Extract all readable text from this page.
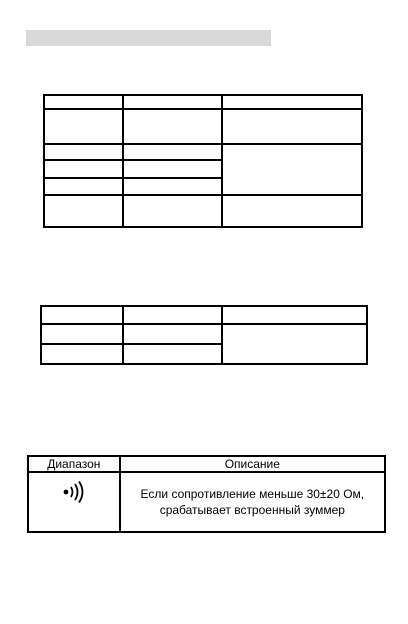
Диапазон	Описание
	Если сопротивление меньше 30±20 Ом,
срабатывает встроенный зуммер
